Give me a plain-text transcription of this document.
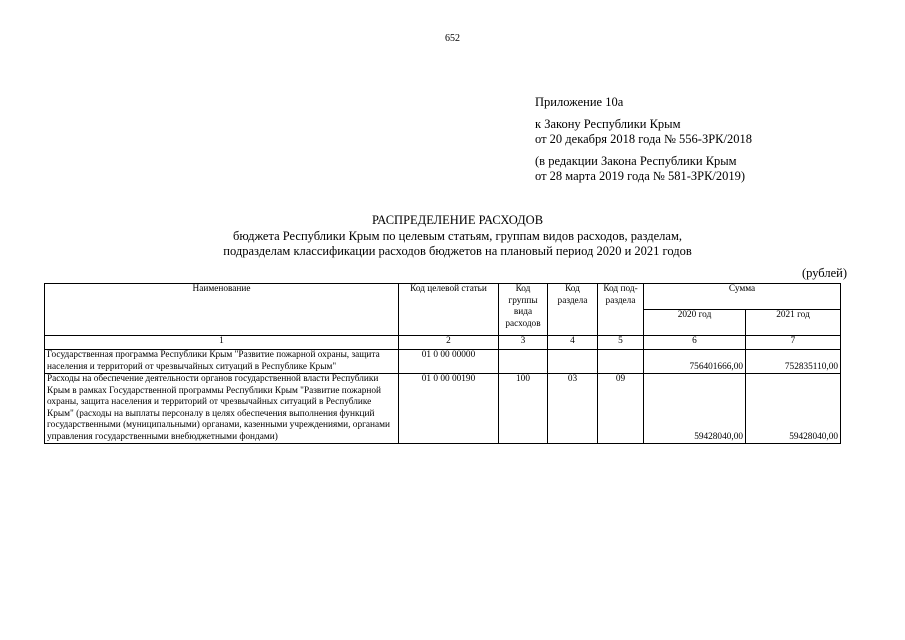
652
Приложение 10а
к Закону Республики Крым
от 20 декабря 2018 года № 556-ЗРК/2018
(в редакции Закона Республики Крым
от 28 марта 2019 года № 581-ЗРК/2019)
РАСПРЕДЕЛЕНИЕ РАСХОДОВ
бюджета Республики Крым по целевым статьям, группам видов расходов, разделам,
подразделам классификации расходов бюджетов на плановый период 2020 и 2021 годов
(рублей)
Наименование	Код целевой статьи	Код группы вида расходов	Код раздела	Код под-раздела	Сумма	
					2020 год	2021 год
1	2	3	4	5	6	7
Государственная программа Республики Крым "Развитие пожарной охраны, защита населения и территорий от чрезвычайных ситуаций в Республике Крым"	01 0 00 00000				756401666,00	752835110,00
Расходы на обеспечение деятельности органов государственной власти Республики Крым в рамках Государственной программы Республики Крым "Развитие пожарной охраны, защита населения и территорий от чрезвычайных ситуаций в Республике Крым" (расходы на выплаты персоналу в целях обеспечения выполнения функций государственными (муниципальными) органами, казенными учреждениями, органами управления государственными внебюджетными фондами)	01 0 00 00190	100	03	09	59428040,00	59428040,00
